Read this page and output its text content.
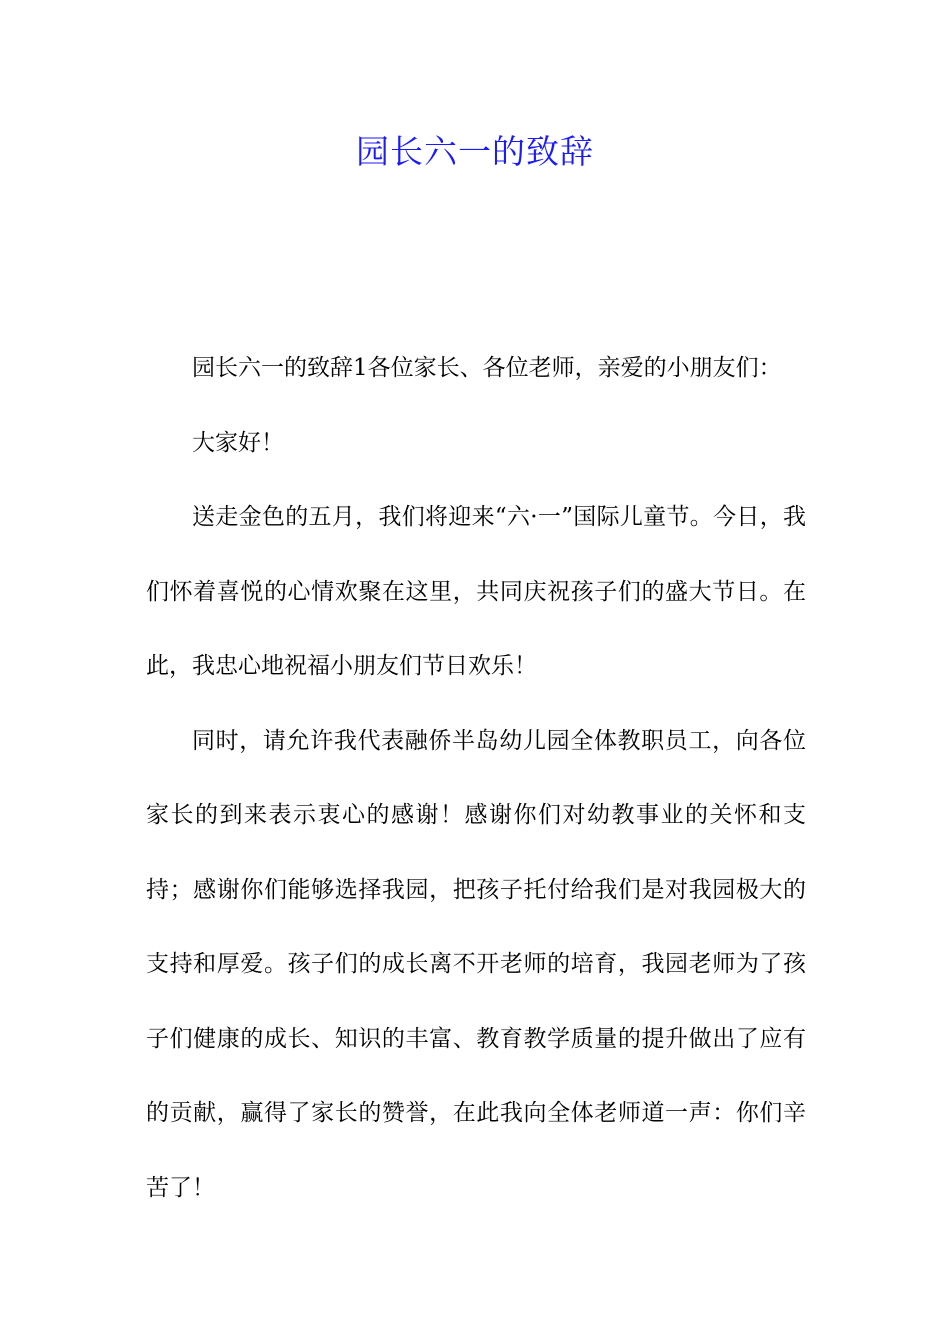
园长六一的致辞

园长六一的致辞1各位家长、各位老师，亲爱的小朋友们：

大家好！

送走金色的五月，我们将迎来“六·一”国际儿童节。今日，我们怀着喜悦的心情欢聚在这里，共同庆祝孩子们的盛大节日。在此，我忠心地祝福小朋友们节日欢乐！

同时，请允许我代表融侨半岛幼儿园全体教职员工，向各位家长的到来表示衷心的感谢！感谢你们对幼教事业的关怀和支持；感谢你们能够选择我园，把孩子托付给我们是对我园极大的支持和厚爱。孩子们的成长离不开老师的培育，我园老师为了孩子们健康的成长、知识的丰富、教育教学质量的提升做出了应有的贡献，赢得了家长的赞誉，在此我向全体老师道一声：你们辛苦了！
